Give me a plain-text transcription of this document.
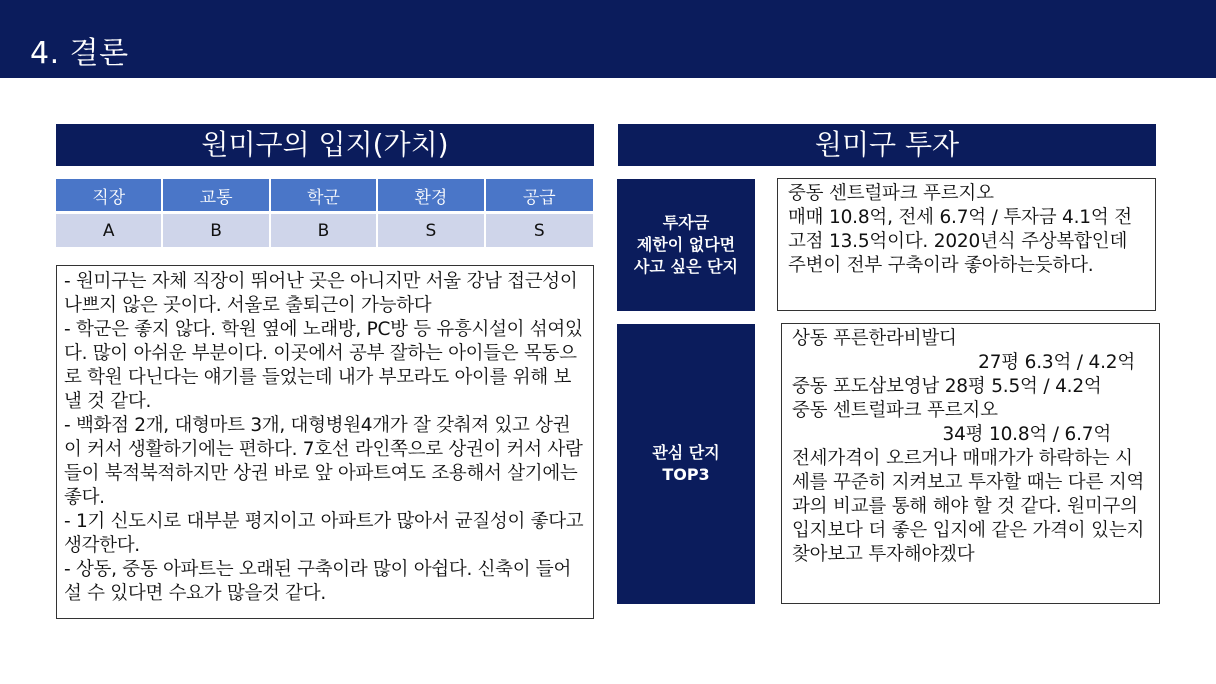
4. 결론
원미구의 입지(가치)
직장	교통	학군	환경	공급
A	B	B	S	S

- 원미구는 자체 직장이 뛰어난 곳은 아니지만 서울 강남 접근성이 나쁘지 않은 곳이다. 서울로 출퇴근이 가능하다

- 학군은 좋지 않다. 학원 옆에 노래방, PC방 등 유흥시설이 섞여있다. 많이 아쉬운 부분이다. 이곳에서 공부 잘하는 아이들은 목동으로 학원 다닌다는 얘기를 들었는데 내가 부모라도 아이를 위해 보낼 것 같다.

- 백화점 2개, 대형마트 3개, 대형병원4개가 잘 갖춰져 있고 상권이 커서 생활하기에는 편하다. 7호선 라인쪽으로 상권이 커서 사람들이 북적북적하지만 상권 바로 앞 아파트여도 조용해서 살기에는 좋다.

- 1기 신도시로 대부분 평지이고 아파트가 많아서 균질성이 좋다고 생각한다.

- 상동, 중동 아파트는 오래된 구축이라 많이 아쉽다. 신축이 들어설 수 있다면 수요가 많을것 같다.

원미구 투자
투자금
제한이 없다면
사고 싶은 단지

중동 센트럴파크 푸르지오

매매 10.8억, 전세 6.7억 / 투자금 4.1억 전고점 13.5억이다. 2020년식 주상복합인데 주변이 전부 구축이라 좋아하는듯하다.

관심 단지
TOP3

상동 푸른한라비발디

27평 6.3억 / 4.2억

중동 포도삼보영남 28평 5.5억 / 4.2억

중동 센트럴파크 푸르지오

34평 10.8억 / 6.7억

전세가격이 오르거나 매매가가 하락하는 시세를 꾸준히 지켜보고 투자할 때는 다른 지역과의 비교를 통해 해야 할 것 같다. 원미구의 입지보다 더 좋은 입지에 같은 가격이 있는지 찾아보고 투자해야겠다
